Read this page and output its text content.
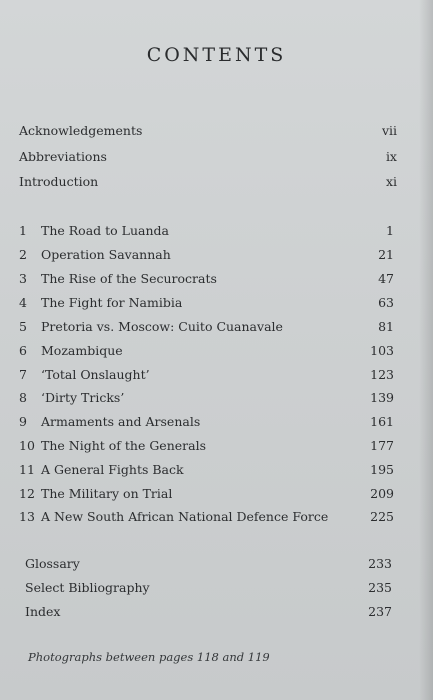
CONTENTS
Acknowledgements	vii
Abbreviations	ix
Introduction	xi
1	The Road to Luanda	1
2	Operation Savannah	21
3	The Rise of the Securocrats	47
4	The Fight for Namibia	63
5	Pretoria vs. Moscow: Cuito Cuanavale	81
6	Mozambique	103
7	‘Total Onslaught’	123
8	‘Dirty Tricks’	139
9	Armaments and Arsenals	161
10 The Night of the Generals	177
11 A General Fights Back	195
12 The Military on Trial	209
13 A New South African National Defence Force	225
Glossary	233
Select Bibliography	235
Index	237
Photographs between pages 118 and 119
